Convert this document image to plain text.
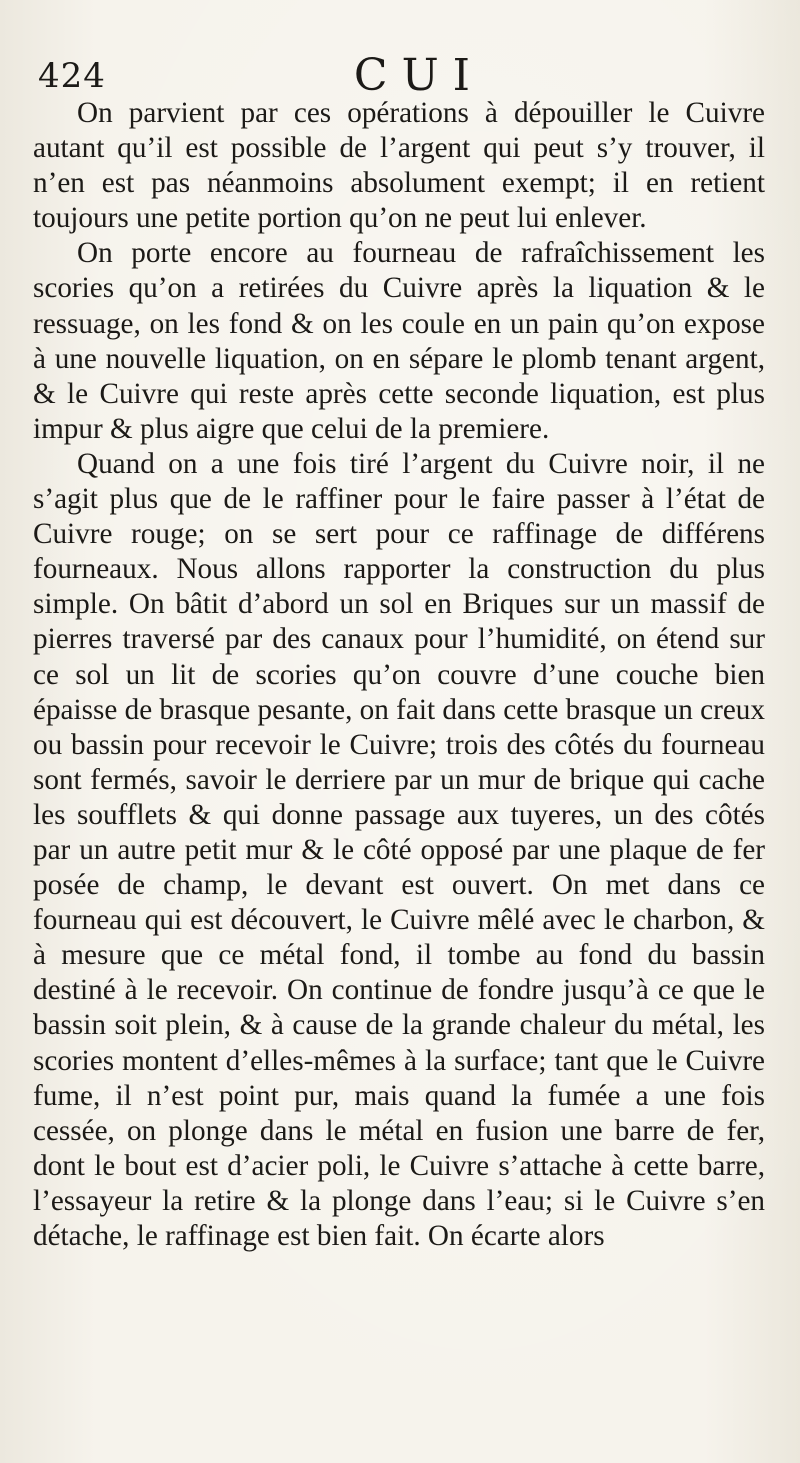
424	CUI

On parvient par ces opérations à dépouiller le Cuivre autant qu’il est possible de l’argent qui peut s’y trouver, il n’en est pas néanmoins absolument exempt; il en retient toujours une petite portion qu’on ne peut lui enlever.

On porte encore au fourneau de rafraîchissement les scories qu’on a retirées du Cuivre après la liquation & le ressuage, on les fond & on les coule en un pain qu’on expose à une nouvelle liquation, on en sépare le plomb tenant argent, & le Cuivre qui reste après cette seconde liquation, est plus impur & plus aigre que celui de la premiere.

Quand on a une fois tiré l’argent du Cuivre noir, il ne s’agit plus que de le raffiner pour le faire passer à l’état de Cuivre rouge; on se sert pour ce raffinage de différens fourneaux. Nous allons rapporter la construction du plus simple. On bâtit d’abord un sol en Briques sur un massif de pierres traversé par des canaux pour l’humidité, on étend sur ce sol un lit de scories qu’on couvre d’une couche bien épaisse de brasque pesante, on fait dans cette brasque un creux ou bassin pour recevoir le Cuivre; trois des côtés du fourneau sont fermés, savoir le derriere par un mur de brique qui cache les soufflets & qui donne passage aux tuyeres, un des côtés par un autre petit mur & le côté opposé par une plaque de fer posée de champ, le devant est ouvert. On met dans ce fourneau qui est découvert, le Cuivre mêlé avec le charbon, & à mesure que ce métal fond, il tombe au fond du bassin destiné à le recevoir. On continue de fondre jusqu’à ce que le bassin soit plein, & à cause de la grande chaleur du métal, les scories montent d’elles-mêmes à la surface; tant que le Cuivre fume, il n’est point pur, mais quand la fumée a une fois cessée, on plonge dans le métal en fusion une barre de fer, dont le bout est d’acier poli, le Cuivre s’attache à cette barre, l’essayeur la retire & la plonge dans l’eau; si le Cuivre s’en détache, le raffinage est bien fait. On écarte alors
